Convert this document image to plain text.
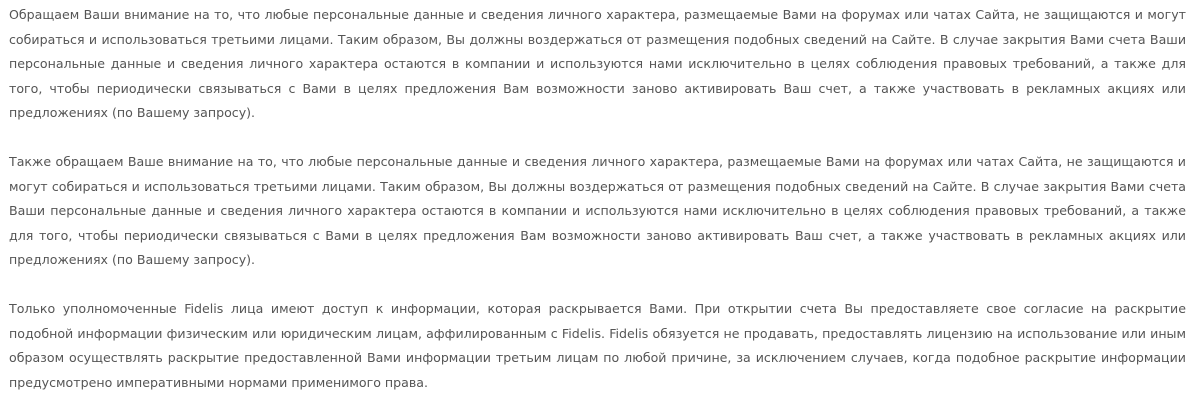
Обращаем Ваши внимание на то, что любые персональные данные и сведения личного характера, размещаемые Вами на форумах или чатах Сайта, не защищаются и могут собираться и использоваться третьими лицами. Таким образом, Вы должны воздержаться от размещения подобных сведений на Сайте. В случае закрытия Вами счета Ваши персональные данные и сведения личного характера остаются в компании и используются нами исключительно в целях соблюдения правовых требований, а также для того, чтобы периодически связываться с Вами в целях предложения Вам возможности заново активировать Ваш счет, а также участвовать в рекламных акциях или предложениях (по Вашему запросу).

Также обращаем Ваше внимание на то, что любые персональные данные и сведения личного характера, размещаемые Вами на форумах или чатах Сайта, не защищаются и могут собираться и использоваться третьими лицами. Таким образом, Вы должны воздержаться от размещения подобных сведений на Сайте. В случае закрытия Вами счета Ваши персональные данные и сведения личного характера остаются в компании и используются нами исключительно в целях соблюдения правовых требований, а также для того, чтобы периодически связываться с Вами в целях предложения Вам возможности заново активировать Ваш счет, а также участвовать в рекламных акциях или предложениях (по Вашему запросу).

Только уполномоченные Fidelis лица имеют доступ к информации, которая раскрывается Вами. При открытии счета Вы предоставляете свое согласие на раскрытие подобной информации физическим или юридическим лицам, аффилированным с Fidelis. Fidelis обязуется не продавать, предоставлять лицензию на использование или иным образом осуществлять раскрытие предоставленной Вами информации третьим лицам по любой причине, за исключением случаев, когда подобное раскрытие информации предусмотрено императивными нормами применимого права.
